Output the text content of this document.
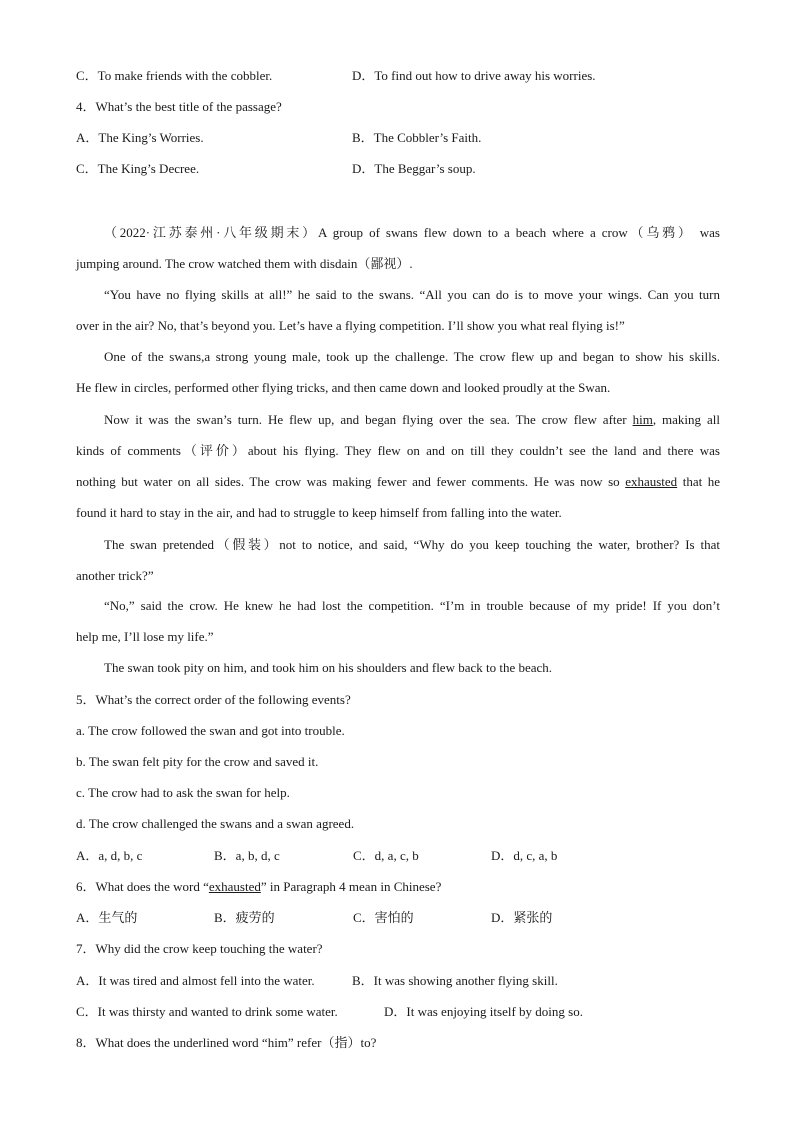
C．To make friends with the cobbler.	D．To find out how to drive away his worries.
4．What’s the best title of the passage?
A．The King’s Worries.	B．The Cobbler’s Faith.
C．The King’s Decree.	D．The Beggar’s soup.
（2022·江苏泰州·八年级期末）A group of swans flew down to a beach where a crow（乌鸦） was
jumping around. The crow watched them with disdain（鄙视）.
“You have no flying skills at all!” he said to the swans. “All you can do is to move your wings. Can you turn
over in the air? No, that’s beyond you. Let’s have a flying competition. I’ll show you what real flying is!”
One of the swans,a strong young male, took up the challenge. The crow flew up and began to show his skills.
He flew in circles, performed other flying tricks, and then came down and looked proudly at the Swan.
Now it was the swan’s turn. He flew up, and began flying over the sea. The crow flew after him, making all
kinds of comments（评价）about his flying. They flew on and on till they couldn’t see the land and there was
nothing but water on all sides. The crow was making fewer and fewer comments. He was now so exhausted that he
found it hard to stay in the air, and had to struggle to keep himself from falling into the water.
The swan pretended（假装）not to notice, and said, “Why do you keep touching the water, brother? Is that
another trick?”
“No,” said the crow. He knew he had lost the competition. “I’m in trouble because of my pride! If you don’t
help me, I’ll lose my life.”
The swan took pity on him, and took him on his shoulders and flew back to the beach.
5．What’s the correct order of the following events?
a. The crow followed the swan and got into trouble.
b. The swan felt pity for the crow and saved it.
c. The crow had to ask the swan for help.
d. The crow challenged the swans and a swan agreed.
A．a, d, b, c	B．a, b, d, c	C．d, a, c, b	D．d, c, a, b
6．What does the word “exhausted” in Paragraph 4 mean in Chinese?
A．生气的	B．疲劳的	C．害怕的	D．紧张的
7．Why did the crow keep touching the water?
A．It was tired and almost fell into the water.	B．It was showing another flying skill.
C．It was thirsty and wanted to drink some water.	D．It was enjoying itself by doing so.
8．What does the underlined word “him” refer（指）to?
